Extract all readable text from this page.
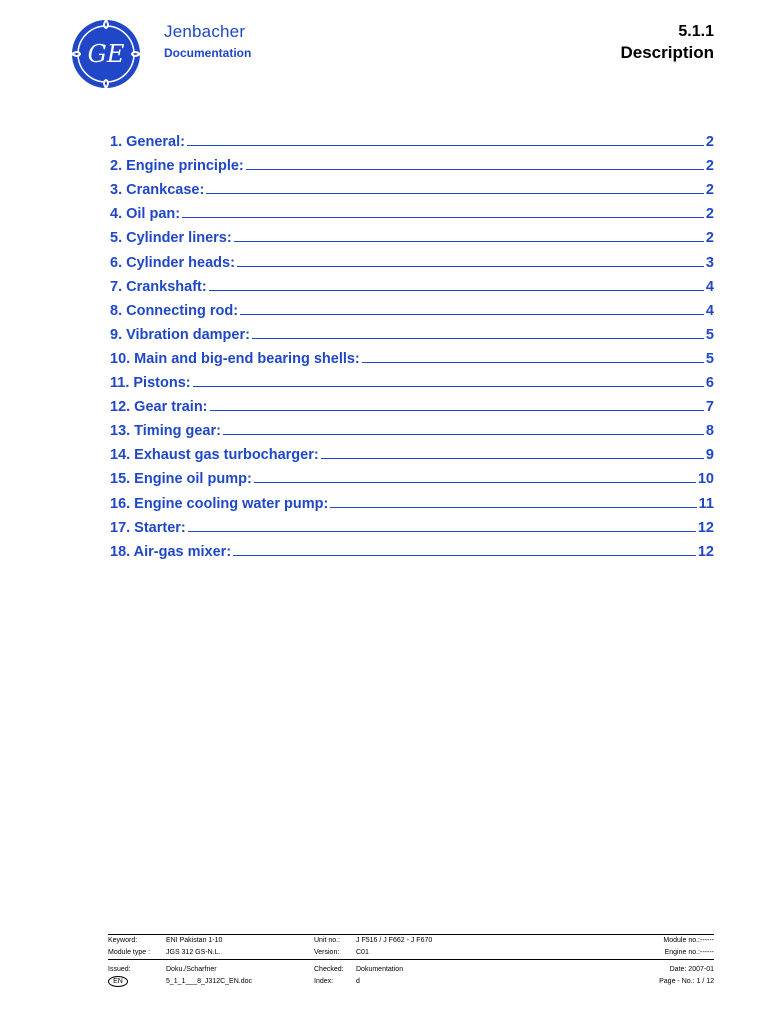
GE
Jenbacher
Documentation
5.1.1
Description
1. General:	2
2. Engine principle:	2
3. Crankcase:	2
4. Oil pan:	2
5. Cylinder liners:	2
6. Cylinder heads:	3
7. Crankshaft:	4
8. Connecting rod:	4
9. Vibration damper:	5
10. Main and big-end bearing shells:	5
11. Pistons:	6
12. Gear train:	7
13. Timing gear:	8
14. Exhaust gas turbocharger:	9
15. Engine oil pump:	10
16. Engine cooling water pump:	11
17. Starter:	12
18. Air-gas mixer:	12
Keyword:	ENI Pakistan 1-10	Unit no.: J F516 / J F662 - J F670	Module no.:------
Module type : JGS 312 GS-N.L.	Version: C01	Engine no.:------
Issued:	Doku./Scharfner	Checked: Dokumentation	Date: 2007-01
EN	5_1_1___8_J312C_EN.doc	Index:	d	Page - No.: 1 / 12
